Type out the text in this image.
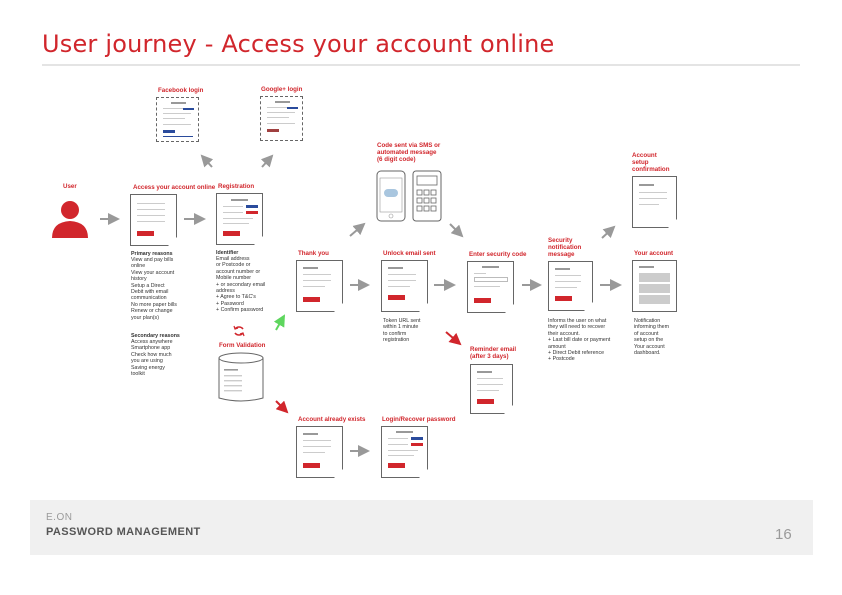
User journey - Access your account online
User
Facebook login	Google+ login
Access your account online
Primary reasons
View and pay bills
online
View your account
history
Setup a Direct
Debit with email
communication
No more paper bills
Renew or change
your plan(s)
Secondary reasons
Access anywhere
Smartphone app
Check how much
you are using
Saving energy
toolkit
Registration
Identifier
Email address
or Postcode or
account number or
Mobile number
+ or secondary email
address
+ Agree to T&C's
+ Password
+ Confirm password
Form Validation
Thank you
Code sent via SMS or
automated message
(6 digit code)
Unlock email sent
Token URL sent
within 1 minute
to confirm
registration
Enter security code
Reminder email
(after 3 days)
Security
notification
message
Informs the user on what
they will need to recover
their account.
+ Last bill date or payment
amount
+ Direct Debit reference
+ Postcode
Account
setup
confirmation
Your account
Notification
informing them
of account
setup on the
Your account
dashboard.
Account already exists	Login/Recover password
E.ON
PASSWORD MANAGEMENT	16
